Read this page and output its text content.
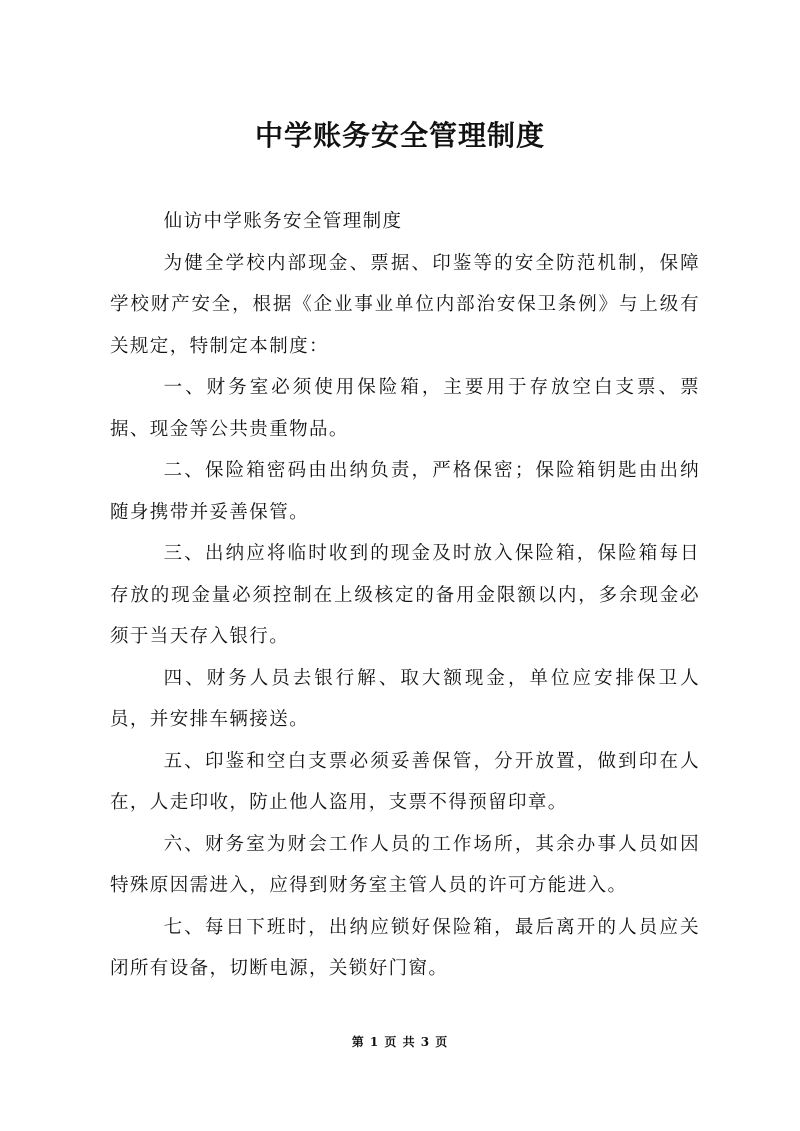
中学账务安全管理制度

仙访中学账务安全管理制度

为健全学校内部现金、票据、印鉴等的安全防范机制，保障学校财产安全，根据《企业事业单位内部治安保卫条例》与上级有关规定，特制定本制度：

一、财务室必须使用保险箱，主要用于存放空白支票、票据、现金等公共贵重物品。

二、保险箱密码由出纳负责，严格保密；保险箱钥匙由出纳随身携带并妥善保管。

三、出纳应将临时收到的现金及时放入保险箱，保险箱每日存放的现金量必须控制在上级核定的备用金限额以内，多余现金必须于当天存入银行。

四、财务人员去银行解、取大额现金，单位应安排保卫人员，并安排车辆接送。

五、印鉴和空白支票必须妥善保管，分开放置，做到印在人在，人走印收，防止他人盗用，支票不得预留印章。

六、财务室为财会工作人员的工作场所，其余办事人员如因特殊原因需进入，应得到财务室主管人员的许可方能进入。

七、每日下班时，出纳应锁好保险箱，最后离开的人员应关闭所有设备，切断电源，关锁好门窗。

第 1 页 共 3 页
